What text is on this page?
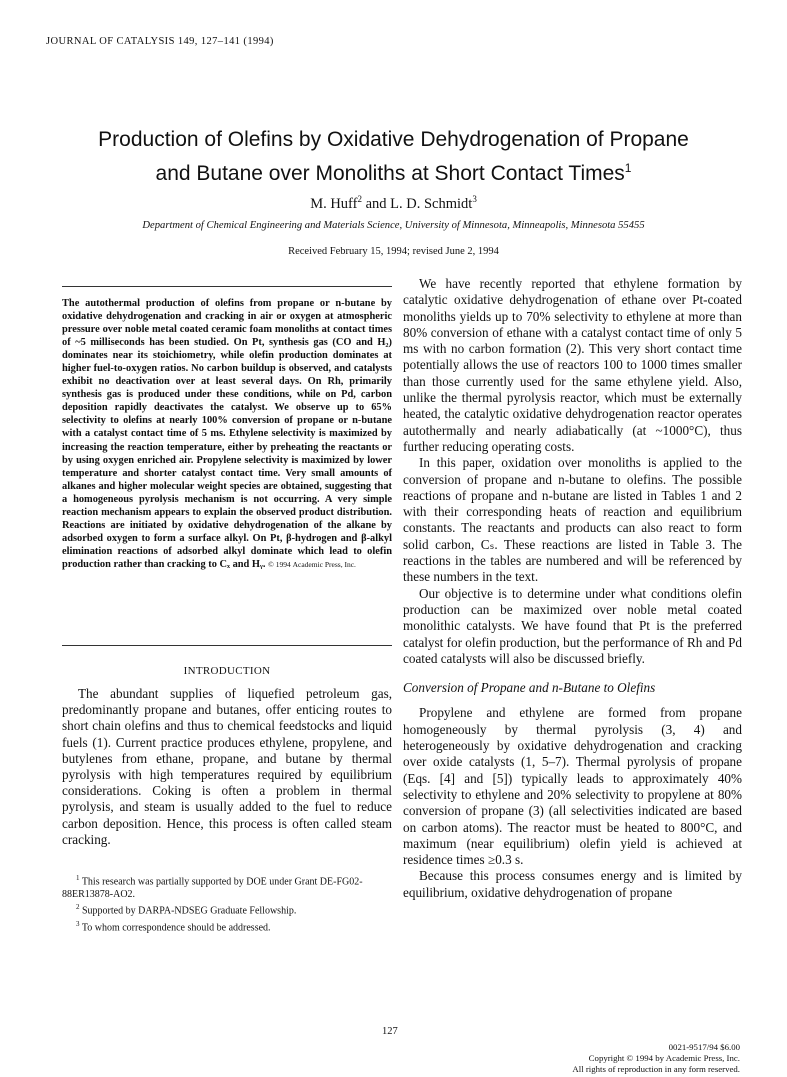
JOURNAL OF CATALYSIS 149, 127–141 (1994)
Production of Olefins by Oxidative Dehydrogenation of Propane
and Butane over Monoliths at Short Contact Times$^1$
M. Huff$^2$ and L. D. Schmidt$^3$
Department of Chemical Engineering and Materials Science, University of Minnesota, Minneapolis, Minnesota 55455
Received February 15, 1994; revised June 2, 1994
The autothermal production of olefins from propane or n-butane by oxidative dehydrogenation and cracking in air or oxygen at atmospheric pressure over noble metal coated ceramic foam monoliths at contact times of ~5 milliseconds has been studied. On Pt, synthesis gas (CO and H₂) dominates near its stoichiometry, while olefin production dominates at higher fuel-to-oxygen ratios. No carbon buildup is observed, and catalysts exhibit no deactivation over at least several days. On Rh, primarily synthesis gas is produced under these conditions, while on Pd, carbon deposition rapidly deactivates the catalyst. We observe up to 65% selectivity to olefins at nearly 100% conversion of propane or n-butane with a catalyst contact time of 5 ms. Ethylene selectivity is maximized by increasing the reaction temperature, either by preheating the reactants or by using oxygen enriched air. Propylene selectivity is maximized by lower temperature and shorter catalyst contact time. Very small amounts of alkanes and higher molecular weight species are obtained, suggesting that a homogeneous pyrolysis mechanism is not occurring. A very simple reaction mechanism appears to explain the observed product distribution. Reactions are initiated by oxidative dehydrogenation of the alkane by adsorbed oxygen to form a surface alkyl. On Pt, β-hydrogen and β-alkyl elimination reactions of adsorbed alkyl dominate which lead to olefin production rather than cracking to Cₓ and Hᵧ. © 1994 Academic Press, Inc.
INTRODUCTION

The abundant supplies of liquefied petroleum gas, predominantly propane and butanes, offer enticing routes to short chain olefins and thus to chemical feedstocks and liquid fuels (1). Current practice produces ethylene, propylene, and butylenes from ethane, propane, and butane by thermal pyrolysis with high temperatures required by equilibrium considerations. Coking is often a problem in thermal pyrolysis, and steam is usually added to the fuel to reduce carbon deposition. Hence, this process is often called steam cracking.

$^1$ This research was partially supported by DOE under Grant DE-FG02-88ER13878-AO2.

$^2$ Supported by DARPA-NDSEG Graduate Fellowship.

$^3$ To whom correspondence should be addressed.

We have recently reported that ethylene formation by catalytic oxidative dehydrogenation of ethane over Pt-coated monoliths yields up to 70% selectivity to ethylene at more than 80% conversion of ethane with a catalyst contact time of only 5 ms with no carbon formation (2). This very short contact time potentially allows the use of reactors 100 to 1000 times smaller than those currently used for the same ethylene yield. Also, unlike the thermal pyrolysis reactor, which must be externally heated, the catalytic oxidative dehydrogenation reactor operates autothermally and nearly adiabatically (at ~1000°C), thus further reducing operating costs.

In this paper, oxidation over monoliths is applied to the conversion of propane and n-butane to olefins. The possible reactions of propane and n-butane are listed in Tables 1 and 2 with their corresponding heats of reaction and equilibrium constants. The reactants and products can also react to form solid carbon, Cₛ. These reactions are listed in Table 3. The reactions in the tables are numbered and will be referenced by these numbers in the text.

Our objective is to determine under what conditions olefin production can be maximized over noble metal coated monolithic catalysts. We have found that Pt is the preferred catalyst for olefin production, but the performance of Rh and Pd coated catalysts will also be discussed briefly.

Conversion of Propane and n-Butane to Olefins

Propylene and ethylene are formed from propane homogeneously by thermal pyrolysis (3, 4) and heterogeneously by oxidative dehydrogenation and cracking over oxide catalysts (1, 5–7). Thermal pyrolysis of propane (Eqs. [4] and [5]) typically leads to approximately 40% selectivity to ethylene and 20% selectivity to propylene at 80% conversion of propane (3) (all selectivities indicated are based on carbon atoms). The reactor must be heated to 800°C, and maximum (near equilibrium) olefin yield is achieved at residence times ≥0.3 s.

Because this process consumes energy and is limited by equilibrium, oxidative dehydrogenation of propane

127
0021-9517/94 $6.00
Copyright © 1994 by Academic Press, Inc.
All rights of reproduction in any form reserved.
